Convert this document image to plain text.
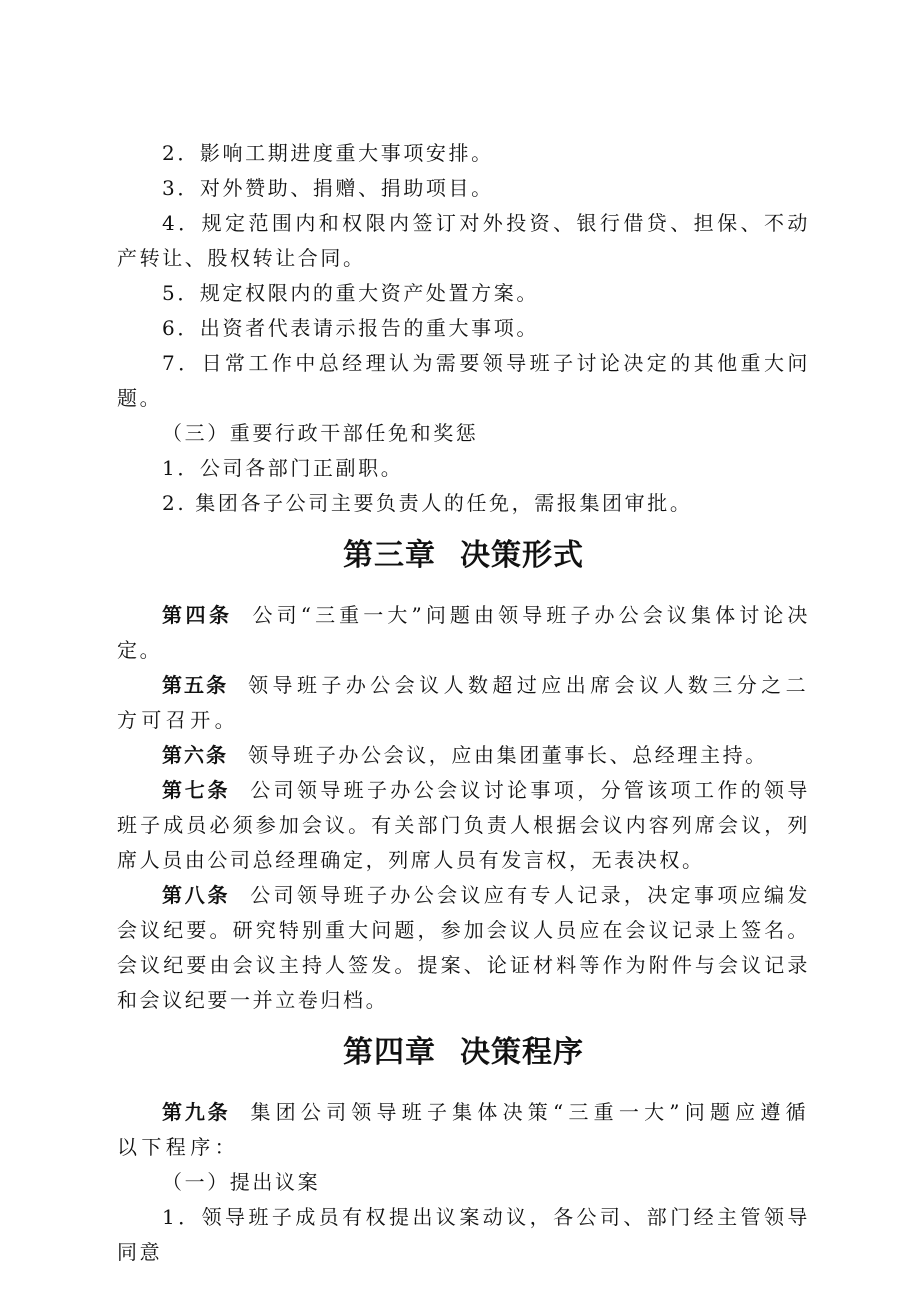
2．影响工期进度重大事项安排。

3．对外赞助、捐赠、捐助项目。

4．规定范围内和权限内签订对外投资、银行借贷、担保、不动产转让、股权转让合同。

5．规定权限内的重大资产处置方案。

6．出资者代表请示报告的重大事项。

7．日常工作中总经理认为需要领导班子讨论决定的其他重大问题。

（三）重要行政干部任免和奖惩

1．公司各部门正副职。

2. 集团各子公司主要负责人的任免，需报集团审批。

第三章 决策形式

第四条 公司“三重一大”问题由领导班子办公会议集体讨论决定。

第五条 领导班子办公会议人数超过应出席会议人数三分之二方可召开。

第六条 领导班子办公会议，应由集团董事长、总经理主持。

第七条 公司领导班子办公会议讨论事项，分管该项工作的领导班子成员必须参加会议。有关部门负责人根据会议内容列席会议，列席人员由公司总经理确定，列席人员有发言权，无表决权。

第八条 公司领导班子办公会议应有专人记录，决定事项应编发会议纪要。研究特别重大问题，参加会议人员应在会议记录上签名。会议纪要由会议主持人签发。提案、论证材料等作为附件与会议记录和会议纪要一并立卷归档。

第四章 决策程序

第九条 集团公司领导班子集体决策“三重一大”问题应遵循以下程序：

（一）提出议案

1．领导班子成员有权提出议案动议，各公司、部门经主管领导同意
